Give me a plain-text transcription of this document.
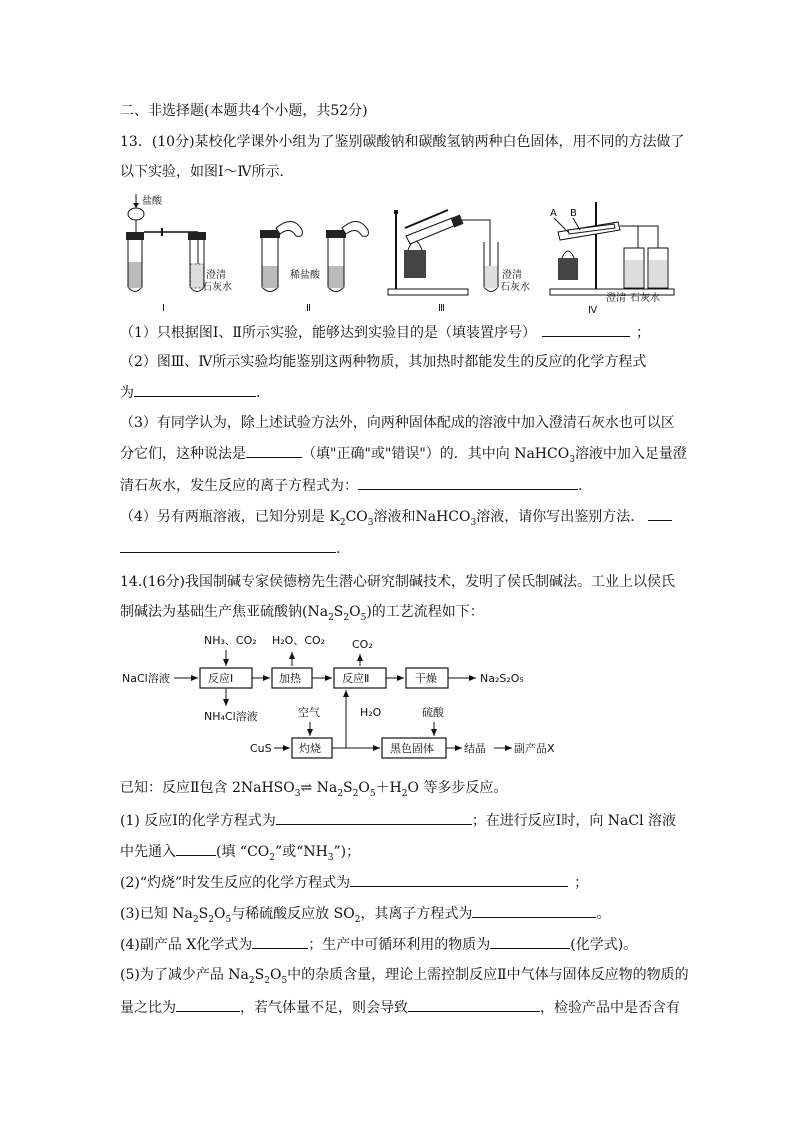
二、非选择题(本题共4个小题，共52分)
13．(10分)某校化学课外小组为了鉴别碳酸钠和碳酸氢钠两种白色固体，用不同的方法做了
以下实验，如图Ⅰ～Ⅳ所示．
盐酸
澄清
石灰水
Ⅰ
稀盐酸
Ⅱ
澄清
石灰水
Ⅲ
A B
澄清 石灰水
Ⅳ
（1）只根据图Ⅰ、Ⅱ所示实验，能够达到实验目的是（填装置序号）	；
（2）图Ⅲ、Ⅳ所示实验均能鉴别这两种物质，其加热时都能发生的反应的化学方程式
为	.
（3）有同学认为，除上述试验方法外，向两种固体配成的溶液中加入澄清石灰水也可以区
分它们，这种说法是	（填"正确"或"错误"）的．其中向 NaHCO$_3$溶液中加入足量澄
清石灰水，发生反应的离子方程式为：	.
（4）另有两瓶溶液，已知分别是 $K_2CO_3$溶液和NaHCO$_3$溶液，请你写出鉴别方法．
.
14.(16分)我国制碱专家侯德榜先生潜心研究制碱技术，发明了侯氏制碱法。工业上以侯氏
制碱法为基础生产焦亚硫酸钠$(Na_2S_2O_5)$的工艺流程如下：
NaCl溶液	反应Ⅰ
NH₃、CO₂
NH₄Cl溶液
加热
H₂O、CO₂
反应Ⅱ
CO₂
干燥	Na₂S₂O₅
空气
CuS 灼烧
H₂O	硫酸
黑色固体	结晶	副产品X
已知：反应Ⅱ包含 2NaHSO$_3$⇌ $Na_2S_2O_5+H_2O$ 等多步反应。
(1) 反应Ⅰ的化学方程式为	；在进行反应Ⅰ时，向 NaCl 溶液
中先通入	(填 “$CO_2$”或“$NH_3$”)；
(2)“灼烧”时发生反应的化学方程式为	；
(3)已知 $Na_2S_2O_5$与稀硫酸反应放 $SO_2$，其离子方程式为	。
(4)副产品 X化学式为	；生产中可循环利用的物质为	(化学式)。
(5)为了减少产品 $Na_2S_2O_5$中的杂质含量，理论上需控制反应Ⅱ中气体与固体反应物的物质的
量之比为	，若气体量不足，则会导致	，检验产品中是否含有
